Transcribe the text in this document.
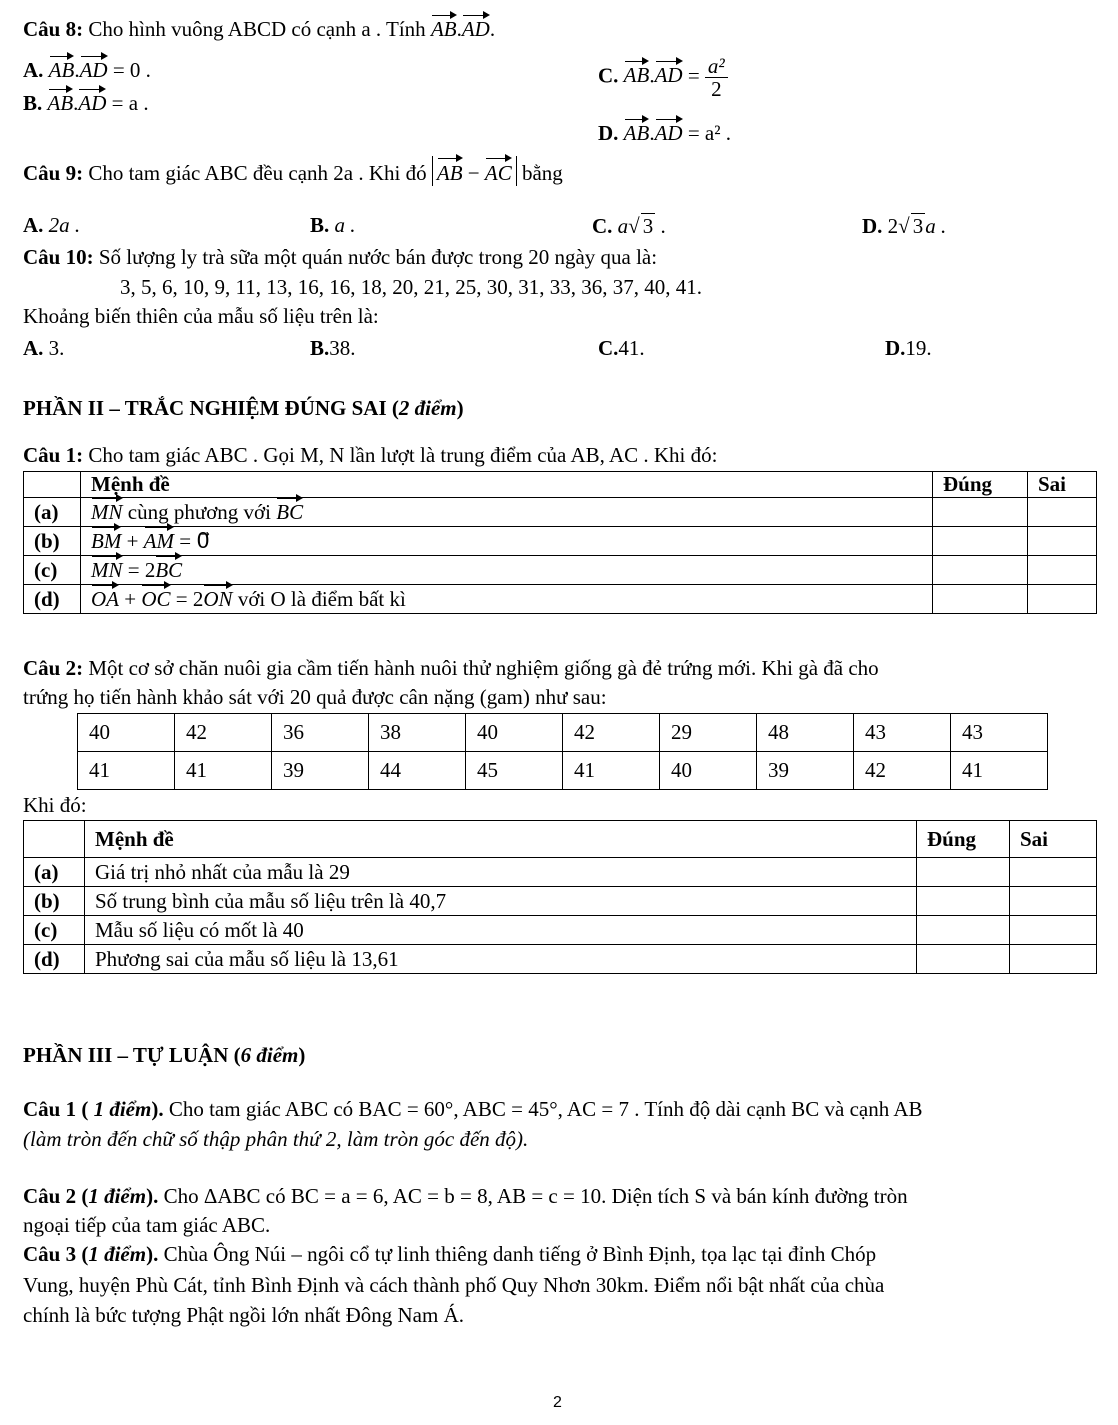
Câu 8: Cho hình vuông ABCD có cạnh a . Tính AB.AD.
A. AB.AD = 0 .
B. AB.AD = a .
C. $AB.AD = \frac{\text{a²}}{2}$
D. AB.AD = a² .
Câu 9: Cho tam giác ABC đều cạnh 2a . Khi đó AB − AC bằng
A. 2a .	B. a .	C. a√ 3 .	D. 2√ 3a .
Câu 10: Số lượng ly trà sữa một quán nước bán được trong 20 ngày qua là:
3, 5, 6, 10, 9, 11, 13, 16, 16, 18, 20, 21, 25, 30, 31, 33, 36, 37, 40, 41.
Khoảng biến thiên của mẫu số liệu trên là:
A. 3.	B.38.	C.41.	D.19.
PHẦN II – TRẮC NGHIỆM ĐÚNG SAI (2 điểm)
Câu 1: Cho tam giác ABC . Gọi M, N lần lượt là trung điểm của AB, AC . Khi đó:
	Mệnh đề	Đúng	Sai
(a)	MN cùng phương với BC		
(b)	BM + AM = 0⃗		
(c)	MN = 2BC		
(d)	OA + OC = 2ON với O là điểm bất kì		
Câu 2: Một cơ sở chăn nuôi gia cầm tiến hành nuôi thử nghiệm giống gà đẻ trứng mới. Khi gà đã cho
trứng họ tiến hành khảo sát với 20 quả được cân nặng (gam) như sau:
40	42	36	38	40	42	29	48	43	43
41	41	39	44	45	41	40	39	42	41
Khi đó:
	Mệnh đề	Đúng	Sai
(a)	Giá trị nhỏ nhất của mẫu là 29		
(b)	Số trung bình của mẫu số liệu trên là 40,7		
(c)	Mẫu số liệu có mốt là 40		
(d)	Phương sai của mẫu số liệu là 13,61		
PHẦN III – TỰ LUẬN (6 điểm)
Câu 1 ( 1 điểm). Cho tam giác ABC có BAC = 60°, ABC = 45°, AC = 7 . Tính độ dài cạnh BC và cạnh AB
(làm tròn đến chữ số thập phân thứ 2, làm tròn góc đến độ).
Câu 2 (1 điểm). Cho ΔABC có BC = a = 6, AC = b = 8, AB = c = 10. Diện tích S và bán kính đường tròn
ngoại tiếp của tam giác ABC.
Câu 3 (1 điểm). Chùa Ông Núi – ngôi cổ tự linh thiêng danh tiếng ở Bình Định, tọa lạc tại đỉnh Chóp
Vung, huyện Phù Cát, tỉnh Bình Định và cách thành phố Quy Nhơn 30km. Điểm nổi bật nhất của chùa
chính là bức tượng Phật ngồi lớn nhất Đông Nam Á.
2
